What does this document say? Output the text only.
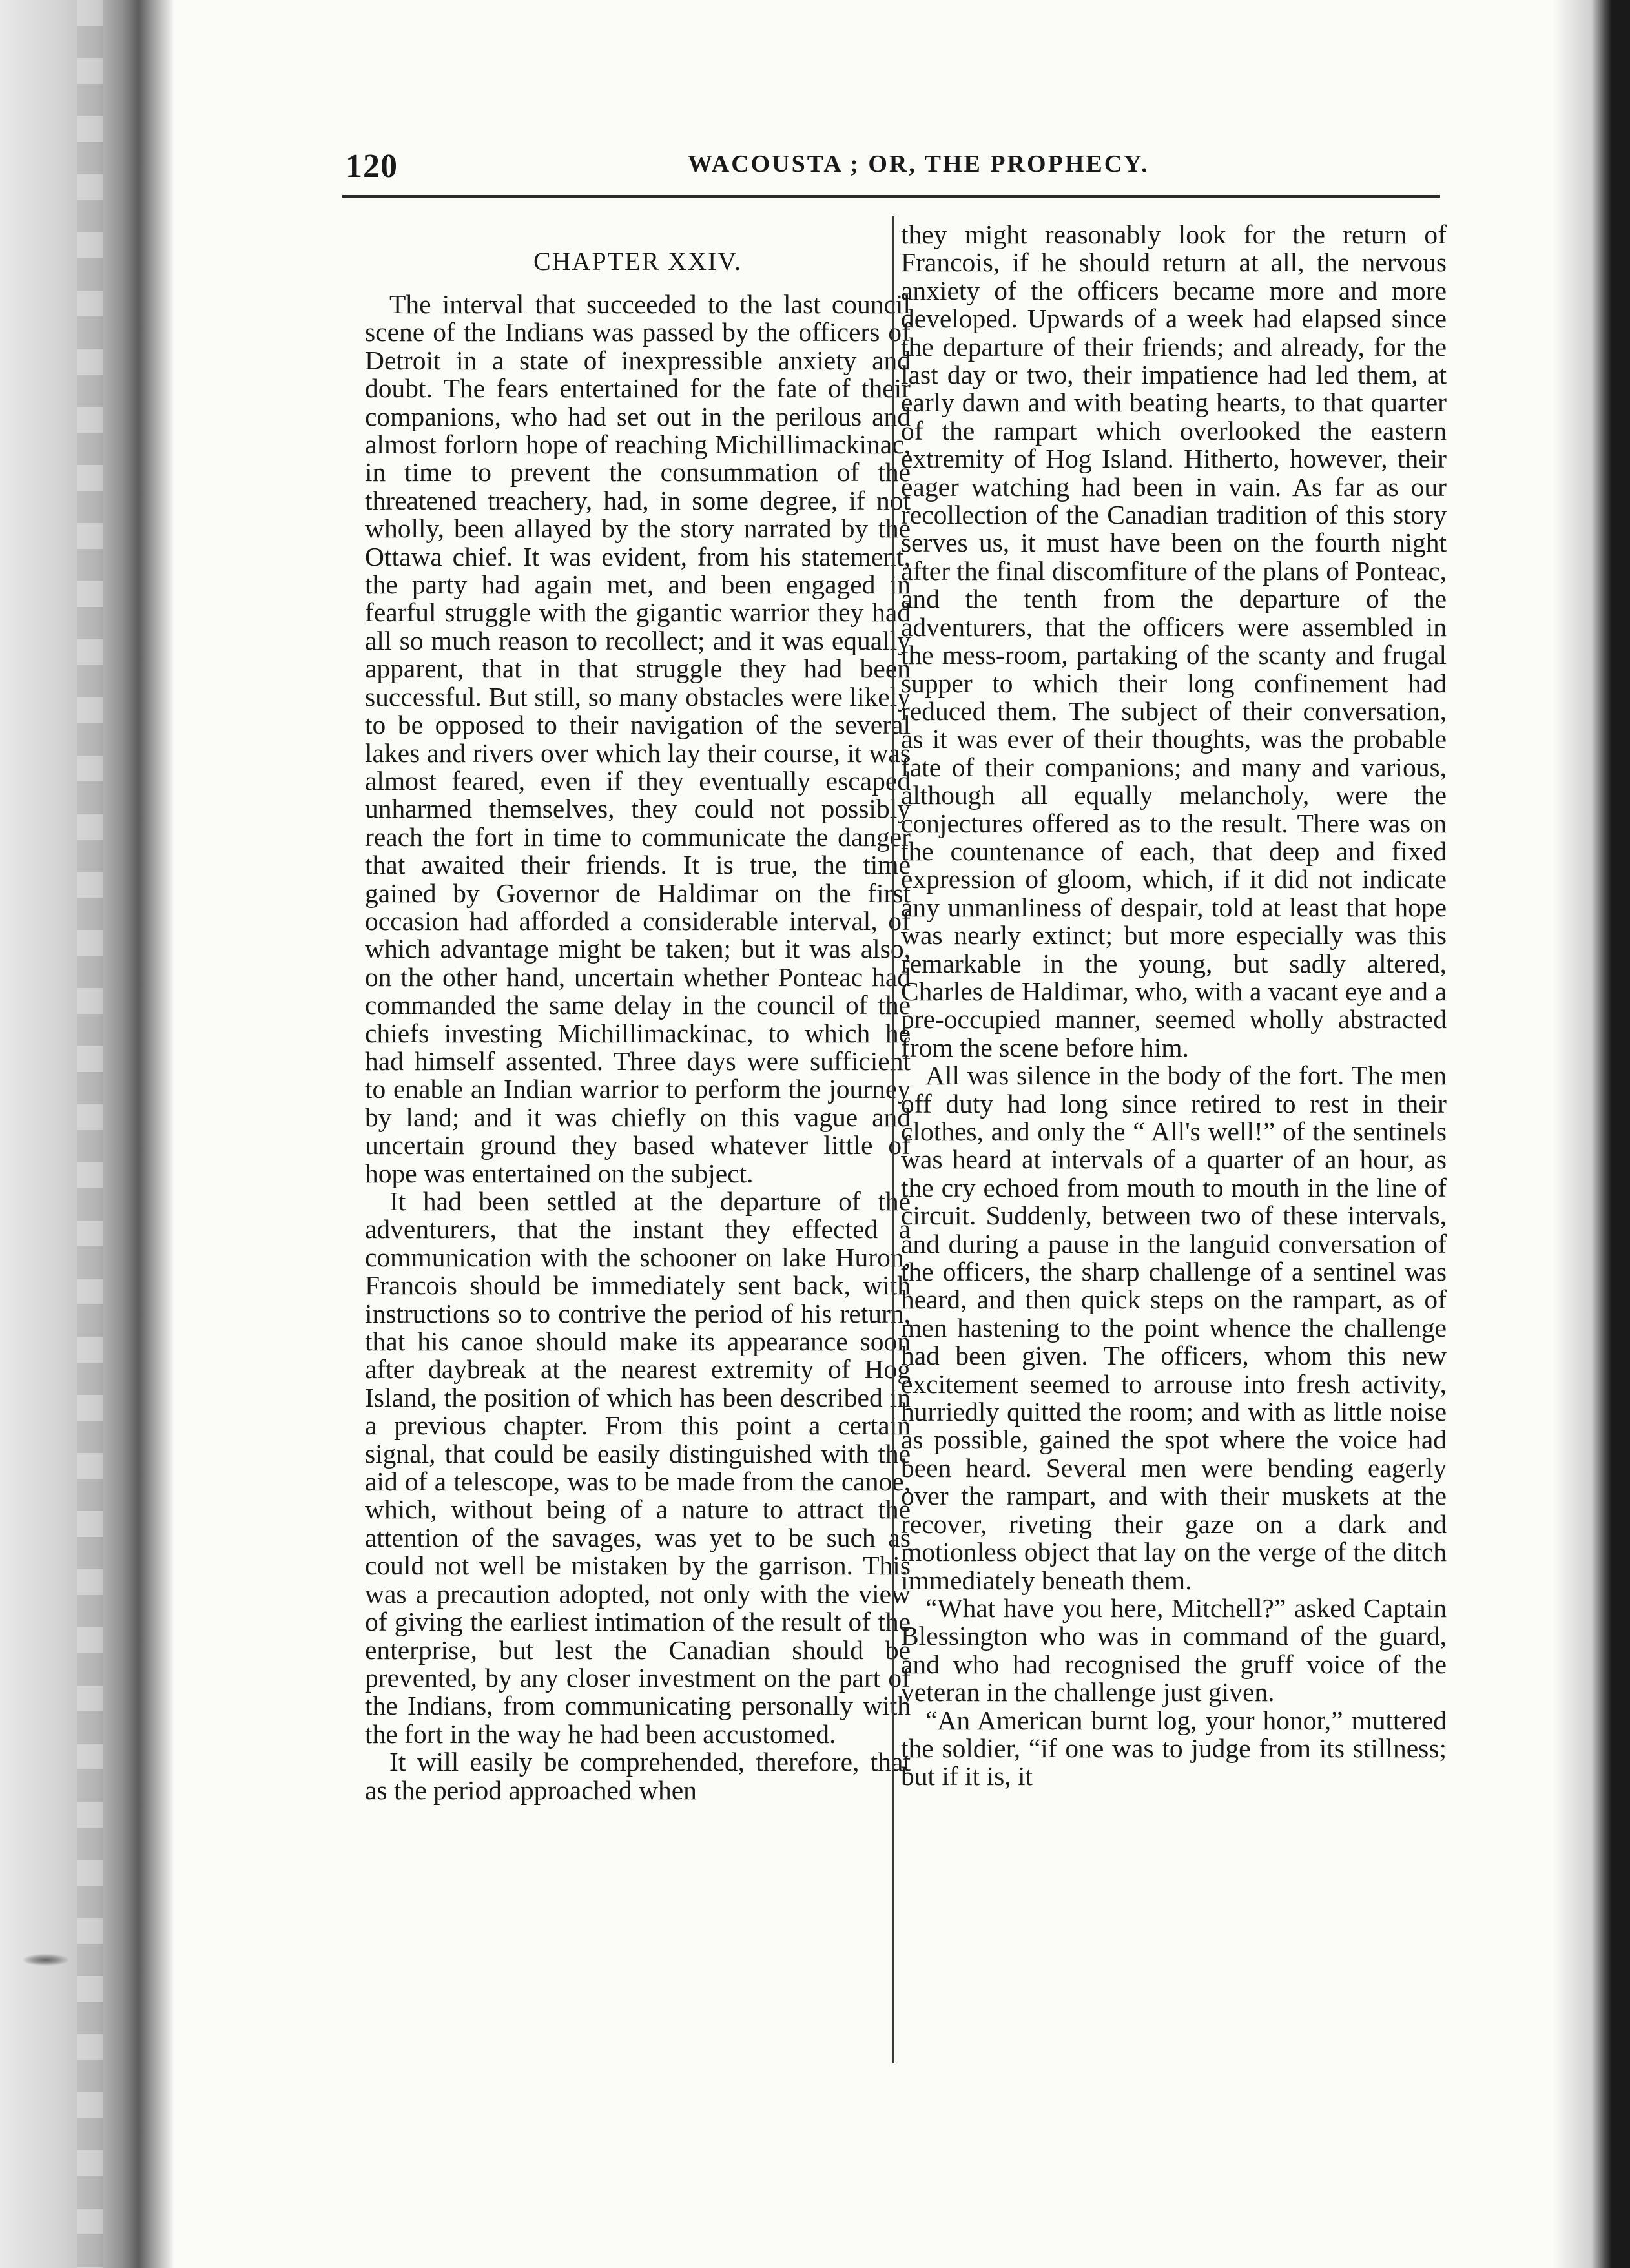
120	WACOUSTA ; OR, THE PROPHECY.
CHAPTER XXIV.

The interval that succeeded to the last council scene of the Indians was passed by the officers of Detroit in a state of inexpressible anxiety and doubt. The fears entertained for the fate of their companions, who had set out in the perilous and almost forlorn hope of reaching Michillimackinac, in time to prevent the consummation of the threatened treachery, had, in some degree, if not wholly, been allayed by the story narrated by the Ottawa chief. It was evident, from his statement, the party had again met, and been engaged in fearful struggle with the gigantic warrior they had all so much reason to recollect; and it was equally apparent, that in that struggle they had been successful. But still, so many obstacles were likely to be opposed to their navigation of the several lakes and rivers over which lay their course, it was almost feared, even if they eventually escaped unharmed themselves, they could not possibly reach the fort in time to communicate the danger that awaited their friends. It is true, the time gained by Governor de Haldimar on the first occasion had afforded a considerable interval, of which advantage might be taken; but it was also, on the other hand, uncertain whether Ponteac had commanded the same delay in the council of the chiefs investing Michillimackinac, to which he had himself assented. Three days were sufficient to enable an Indian warrior to perform the journey by land; and it was chiefly on this vague and uncertain ground they based whatever little of hope was entertained on the subject.

It had been settled at the departure of the adventurers, that the instant they effected a communication with the schooner on lake Huron, Francois should be immediately sent back, with instructions so to contrive the period of his return, that his canoe should make its appearance soon after daybreak at the nearest extremity of Hog Island, the position of which has been described in a previous chapter. From this point a certain signal, that could be easily distinguished with the aid of a telescope, was to be made from the canoe, which, without being of a nature to attract the attention of the savages, was yet to be such as could not well be mistaken by the garrison. This was a precaution adopted, not only with the view of giving the earliest intimation of the result of the enterprise, but lest the Canadian should be prevented, by any closer investment on the part of the Indians, from communicating personally with the fort in the way he had been accustomed.

It will easily be comprehended, therefore, that as the period approached when

they might reasonably look for the return of Francois, if he should return at all, the nervous anxiety of the officers became more and more developed. Upwards of a week had elapsed since the departure of their friends; and already, for the last day or two, their impatience had led them, at early dawn and with beating hearts, to that quarter of the rampart which overlooked the eastern extremity of Hog Island. Hitherto, however, their eager watching had been in vain. As far as our recollection of the Canadian tradition of this story serves us, it must have been on the fourth night after the final discomfiture of the plans of Ponteac, and the tenth from the departure of the adventurers, that the officers were assembled in the mess-room, partaking of the scanty and frugal supper to which their long confinement had reduced them. The subject of their conversation, as it was ever of their thoughts, was the probable fate of their companions; and many and various, although all equally melancholy, were the conjectures offered as to the result. There was on the countenance of each, that deep and fixed expression of gloom, which, if it did not indicate any unmanliness of despair, told at least that hope was nearly extinct; but more especially was this remarkable in the young, but sadly altered, Charles de Haldimar, who, with a vacant eye and a pre-occupied manner, seemed wholly abstracted from the scene before him.

All was silence in the body of the fort. The men off duty had long since retired to rest in their clothes, and only the “ All's well!” of the sentinels was heard at intervals of a quarter of an hour, as the cry echoed from mouth to mouth in the line of circuit. Suddenly, between two of these intervals, and during a pause in the languid conversation of the officers, the sharp challenge of a sentinel was heard, and then quick steps on the rampart, as of men hastening to the point whence the challenge had been given. The officers, whom this new excitement seemed to arrouse into fresh activity, hurriedly quitted the room; and with as little noise as possible, gained the spot where the voice had been heard. Several men were bending eagerly over the rampart, and with their muskets at the recover, riveting their gaze on a dark and motionless object that lay on the verge of the ditch immediately beneath them.

“What have you here, Mitchell?” asked Captain Blessington who was in command of the guard, and who had recognised the gruff voice of the veteran in the challenge just given.

“An American burnt log, your honor,” muttered the soldier, “if one was to judge from its stillness; but if it is, it
